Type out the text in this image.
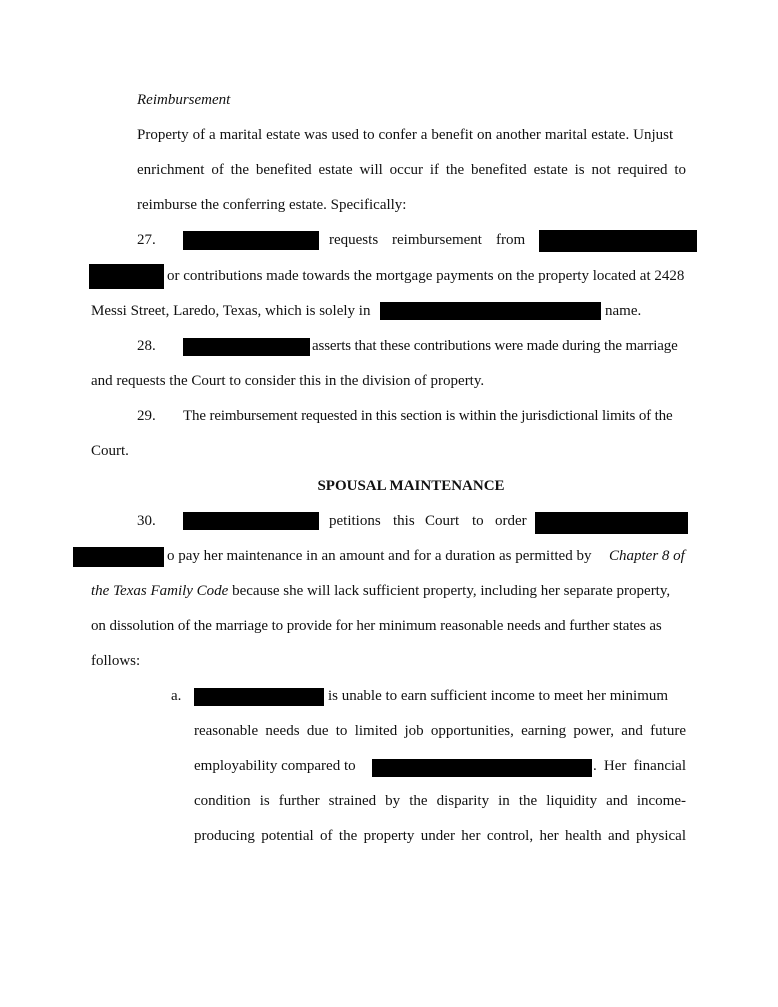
Reimbursement
Property of a marital estate was used to confer a benefit on another marital estate. Unjust
enrichment of the benefited estate will occur if the benefited estate is not required to
reimburse the conferring estate. Specifically:
27.	requests reimbursement from
or contributions made towards the mortgage payments on the property located at 2428
Messi Street, Laredo, Texas, which is solely in	name.
28.	asserts that these contributions were made during the marriage
and requests the Court to consider this in the division of property.
29. The reimbursement requested in this section is within the jurisdictional limits of the
Court.
SPOUSAL MAINTENANCE
30.	petitions this Court to order
o pay her maintenance in an amount and for a duration as permitted by Chapter 8 of
the Texas Family Code because she will lack sufficient property, including her separate property,
on dissolution of the marriage to provide for her minimum reasonable needs and further states as
follows:
a.	is unable to earn sufficient income to meet her minimum
reasonable needs due to limited job opportunities, earning power, and future
employability compared to	. Her financial
condition is further strained by the disparity in the liquidity and income-
producing potential of the property under her control, her health and physical
